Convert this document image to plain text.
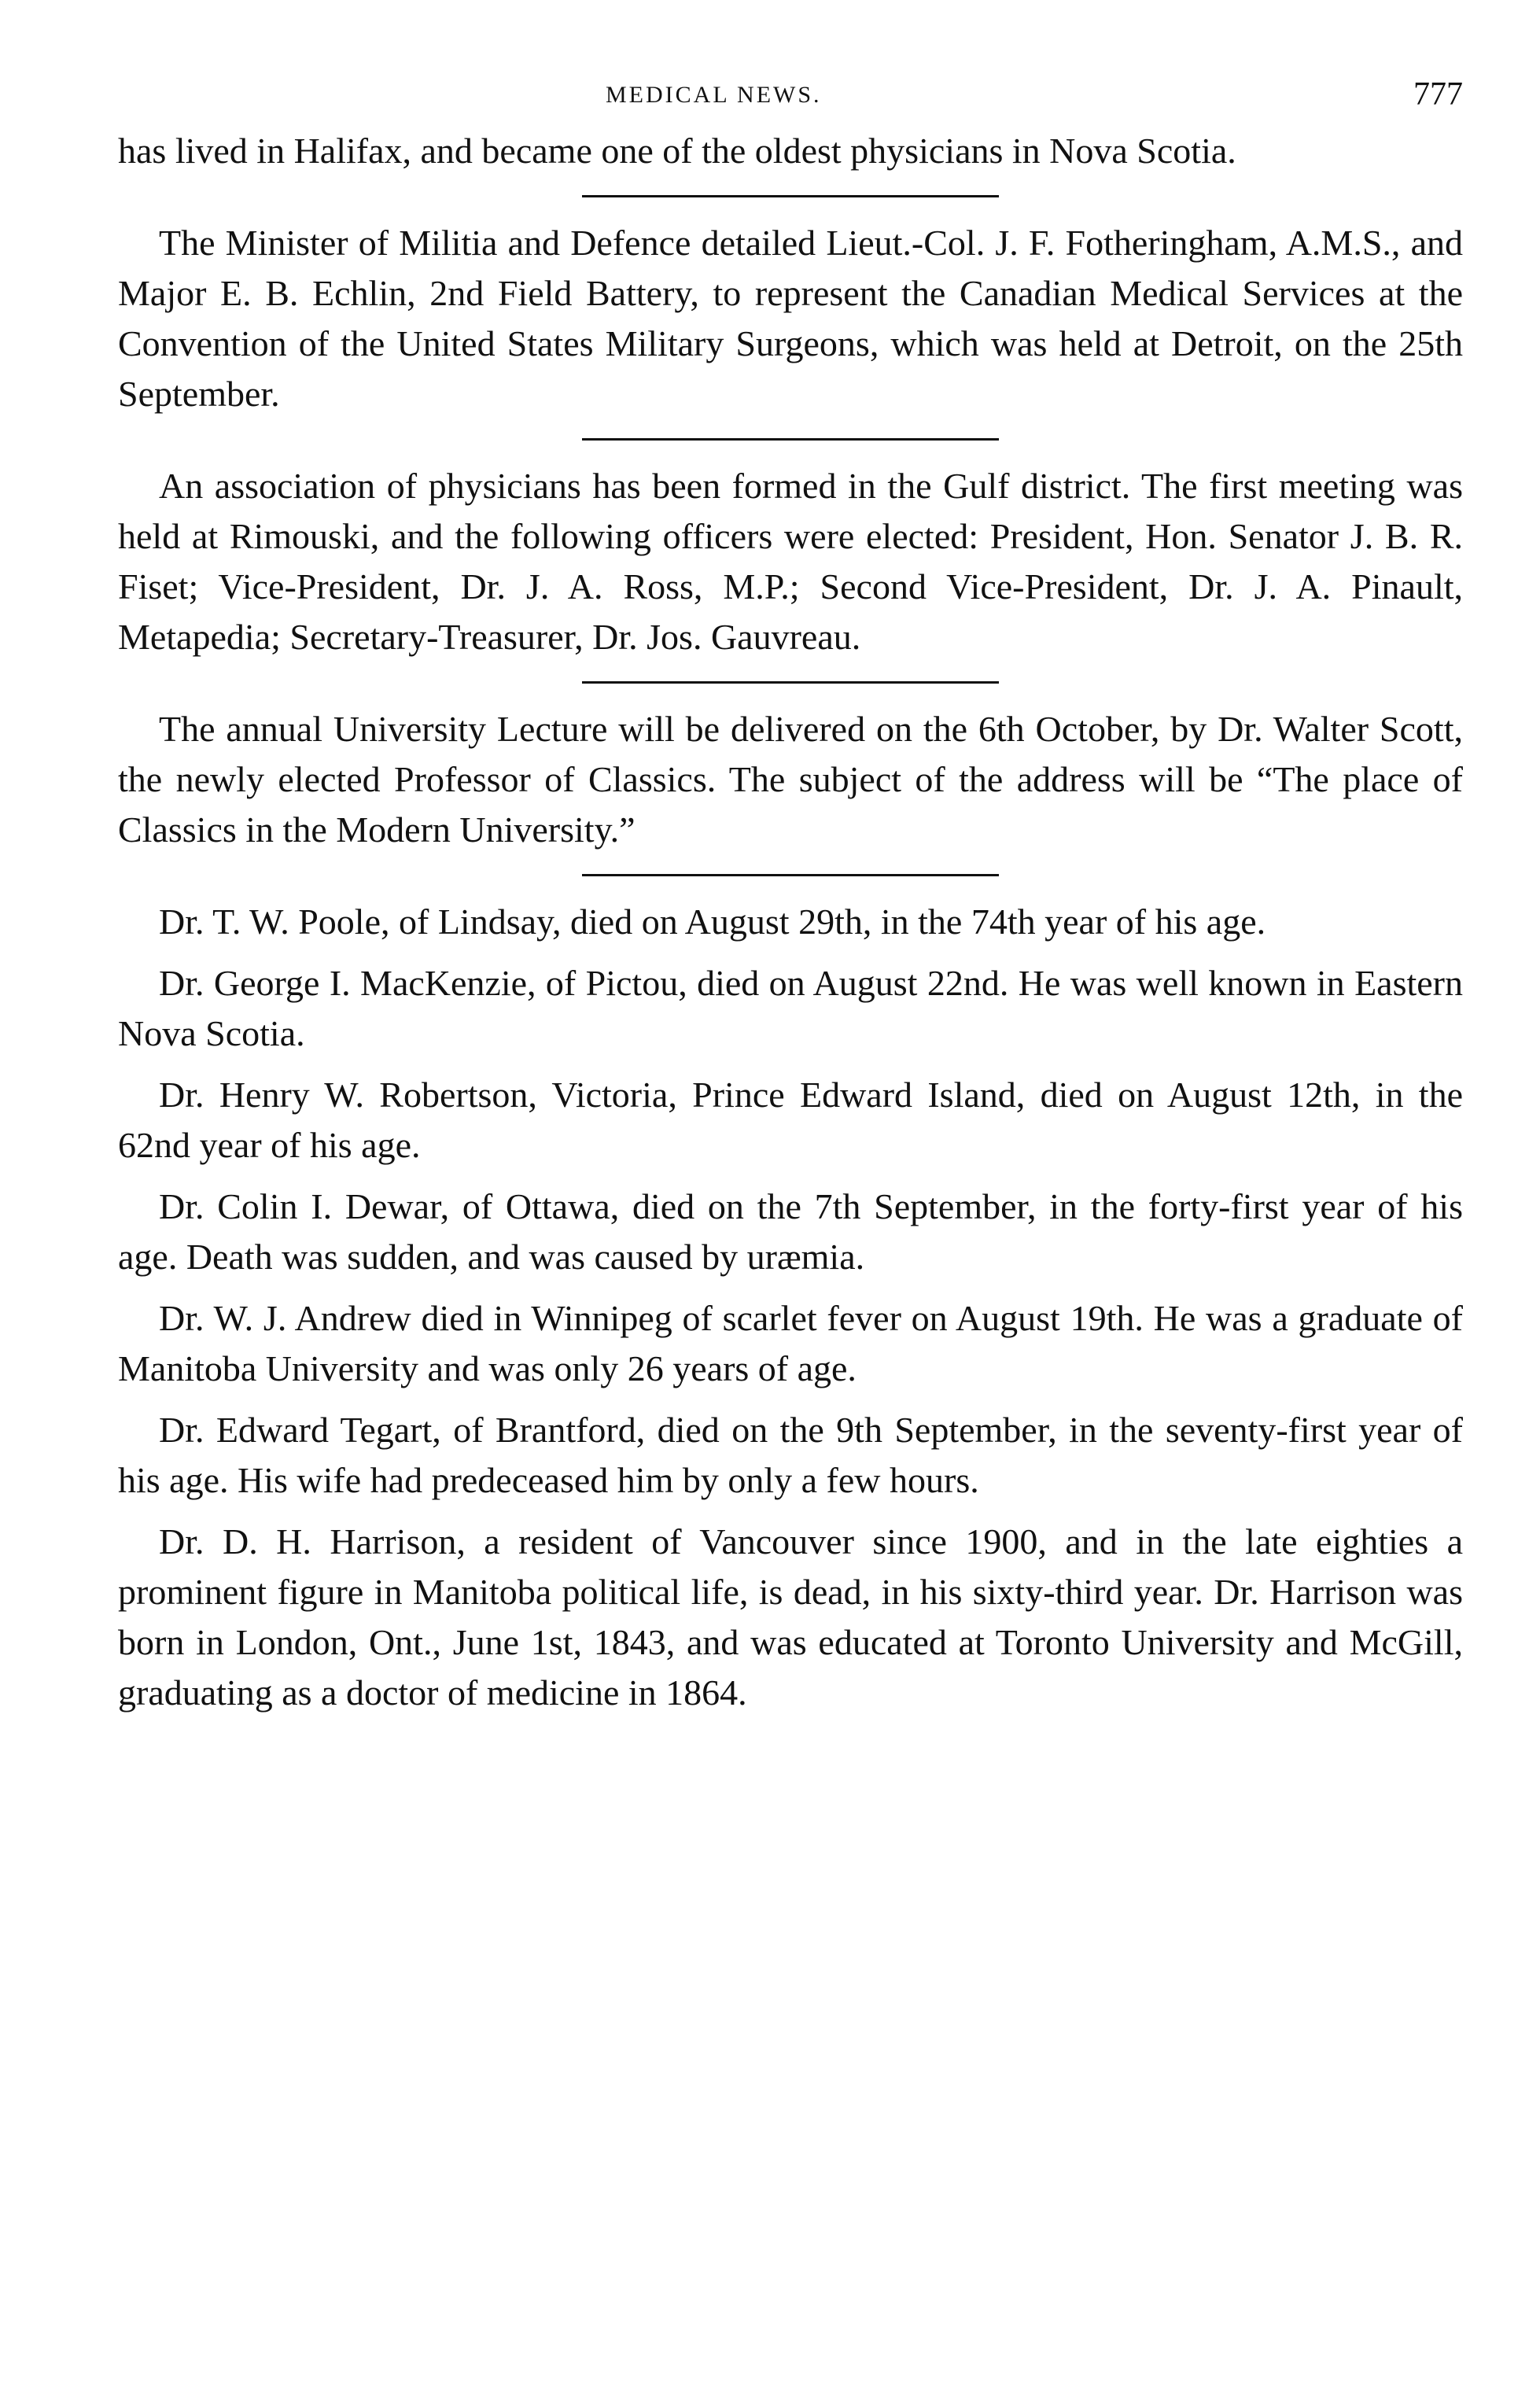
MEDICAL NEWS.	777

has lived in Halifax, and became one of the oldest physicians in Nova Scotia.

The Minister of Militia and Defence detailed Lieut.-Col. J. F. Fotheringham, A.M.S., and Major E. B. Echlin, 2nd Field Battery, to represent the Canadian Medical Services at the Convention of the United States Military Surgeons, which was held at Detroit, on the 25th September.

An association of physicians has been formed in the Gulf district. The first meeting was held at Rimouski, and the following officers were elected: President, Hon. Senator J. B. R. Fiset; Vice-President, Dr. J. A. Ross, M.P.; Second Vice-President, Dr. J. A. Pinault, Metapedia; Secretary-Treasurer, Dr. Jos. Gauvreau.

The annual University Lecture will be delivered on the 6th October, by Dr. Walter Scott, the newly elected Professor of Classics. The subject of the address will be “The place of Classics in the Modern University.”

Dr. T. W. Poole, of Lindsay, died on August 29th, in the 74th year of his age.

Dr. George I. MacKenzie, of Pictou, died on August 22nd. He was well known in Eastern Nova Scotia.

Dr. Henry W. Robertson, Victoria, Prince Edward Island, died on August 12th, in the 62nd year of his age.

Dr. Colin I. Dewar, of Ottawa, died on the 7th September, in the forty-first year of his age. Death was sudden, and was caused by uræmia.

Dr. W. J. Andrew died in Winnipeg of scarlet fever on August 19th. He was a graduate of Manitoba University and was only 26 years of age.

Dr. Edward Tegart, of Brantford, died on the 9th September, in the seventy-first year of his age. His wife had predeceased him by only a few hours.

Dr. D. H. Harrison, a resident of Vancouver since 1900, and in the late eighties a prominent figure in Manitoba political life, is dead, in his sixty-third year. Dr. Harrison was born in London, Ont., June 1st, 1843, and was educated at Toronto University and McGill, graduating as a doctor of medicine in 1864.
